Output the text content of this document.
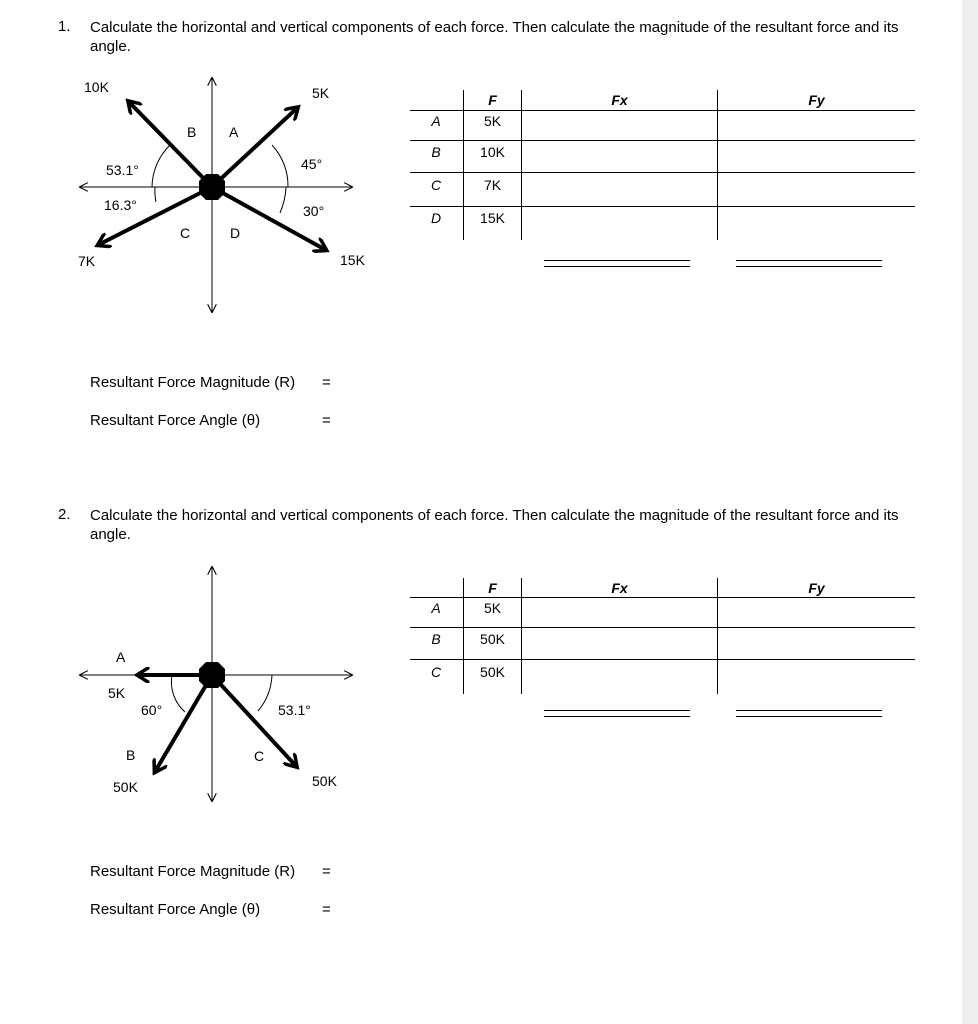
1. Calculate the horizontal and vertical components of each force. Then calculate the magnitude of the resultant force and its angle.
10K	5K
7K	15K
B A
C	D
53.1°	45°
16.3°	30°
F	Fx	Fy
A	5K
B	10K
C	7K
D	15K
Resultant Force Magnitude (R) =
Resultant Force Angle (θ)	=
2. Calculate the horizontal and vertical components of each force. Then calculate the magnitude of the resultant force and its angle.
A
5K
60°	53.1°
B
50K
C
50K
F	Fx	Fy
A	5K
B	50K
C	50K
Resultant Force Magnitude (R) =
Resultant Force Angle (θ)	=
